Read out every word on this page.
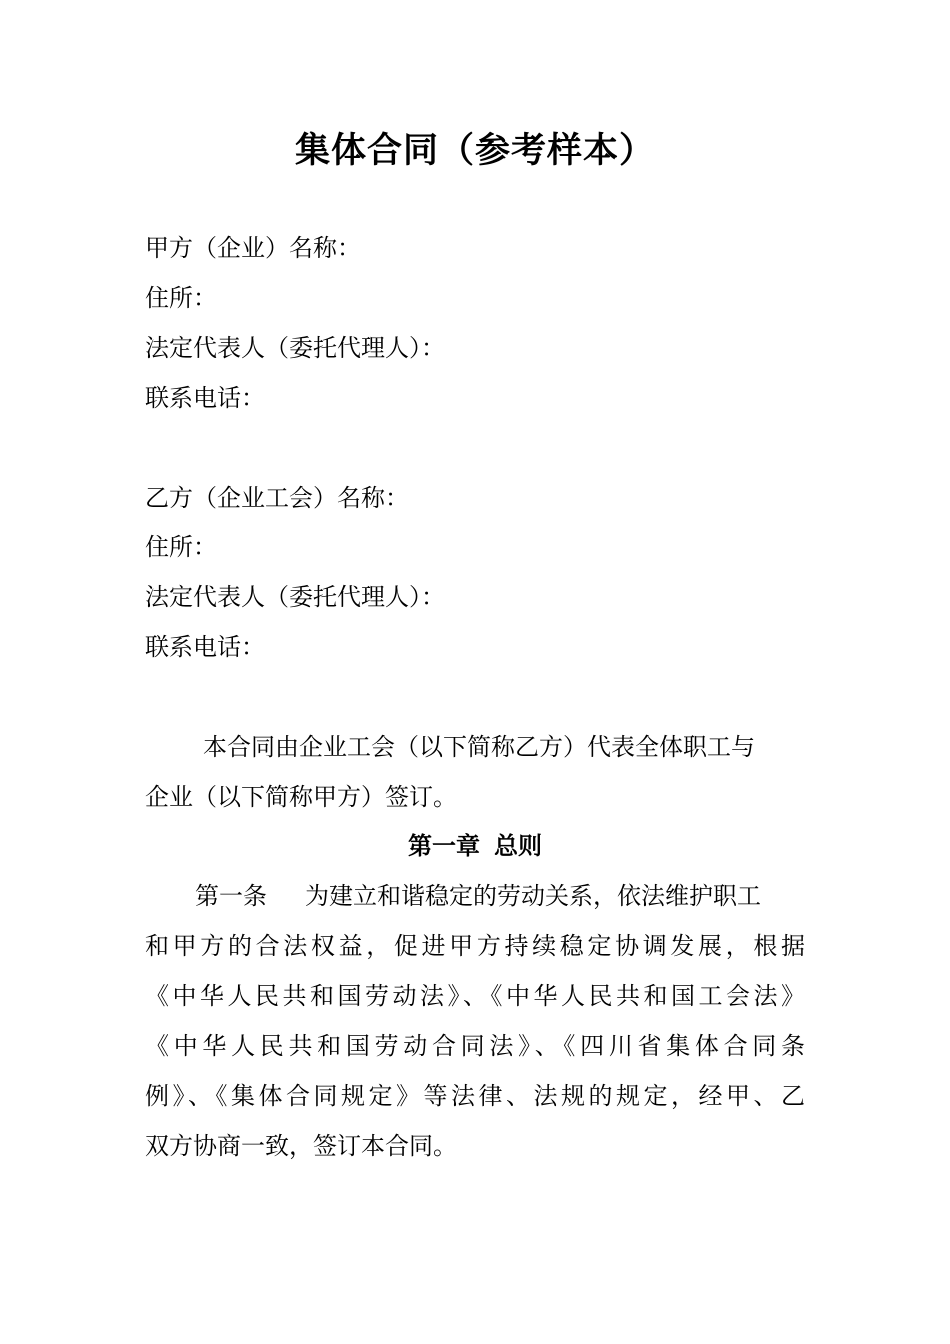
集体合同（参考样本）
甲方（企业）名称：
住所：
法定代表人（委托代理人）：
联系电话：
乙方（企业工会）名称：
住所：
法定代表人（委托代理人）：
联系电话：
本合同由企业工会（以下简称乙方）代表全体职工与
企业（以下简称甲方）签订。
第一章 总则
第一条 为建立和谐稳定的劳动关系，依法维护职工
和甲方的合法权益，促进甲方持续稳定协调发展，根据
《中华人民共和国劳动法》、《中华人民共和国工会法》
《中华人民共和国劳动合同法》、《四川省集体合同条
例》、《集体合同规定》等法律、法规的规定，经甲、乙
双方协商一致，签订本合同。
